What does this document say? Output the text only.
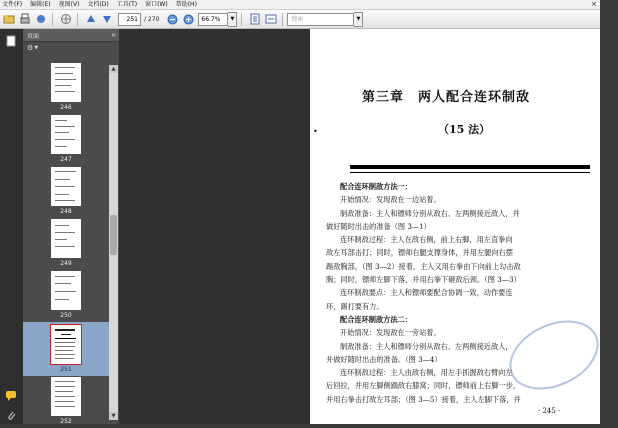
文件(F) 编辑(E) 视图(V) 文档(D) 工具(T) 窗口(W) 帮助(H)	×
251	/ 270	66.7%	▼	搜索	▼
页面	×
⚙ ▼
246
247
248
249
250
251
252
▲
▼
•
第三章　两人配合连环制敌
（15 法）

配合连环制敌方法一：

开始情况：发现敌在一边站着。

制敌准备：主人和镖师分别从敌右、左两侧接近敌人，并

做好随时出击的准备（图 3—1）

连环制敌过程：主人在敌右侧，前上右脚，用左直拳向

敌左耳部击打；同时，镖师右腿支撑身体，并用左腿向右摆

踢敌胸部，（图 3—2）接着，主人又用右拳由下向前上勾击敌

胸；同时，镖师左脚下落，并用右拳下砸敌后颈。（图 3—3）

连环制敌要点：主人和镖师要配合协调一致，动作要连

环，踢打要有力。

配合连环制敌方法二：

开始情况：发现敌在一旁站着。

制敌准备：主人和镖师分别从敌右、左两侧接近敌人，

并做好随时出击的准备。（图 3—4）

连环制敌过程：主人由敌右侧，用左手抓握敌右臂向左

后回拉，并用左脚侧踹敌右膝窝；同时，镖师前上右脚一步，

并用右拳击打敌左耳部；（图 3—5）接着，主人左脚下落，并

· 245 ·
